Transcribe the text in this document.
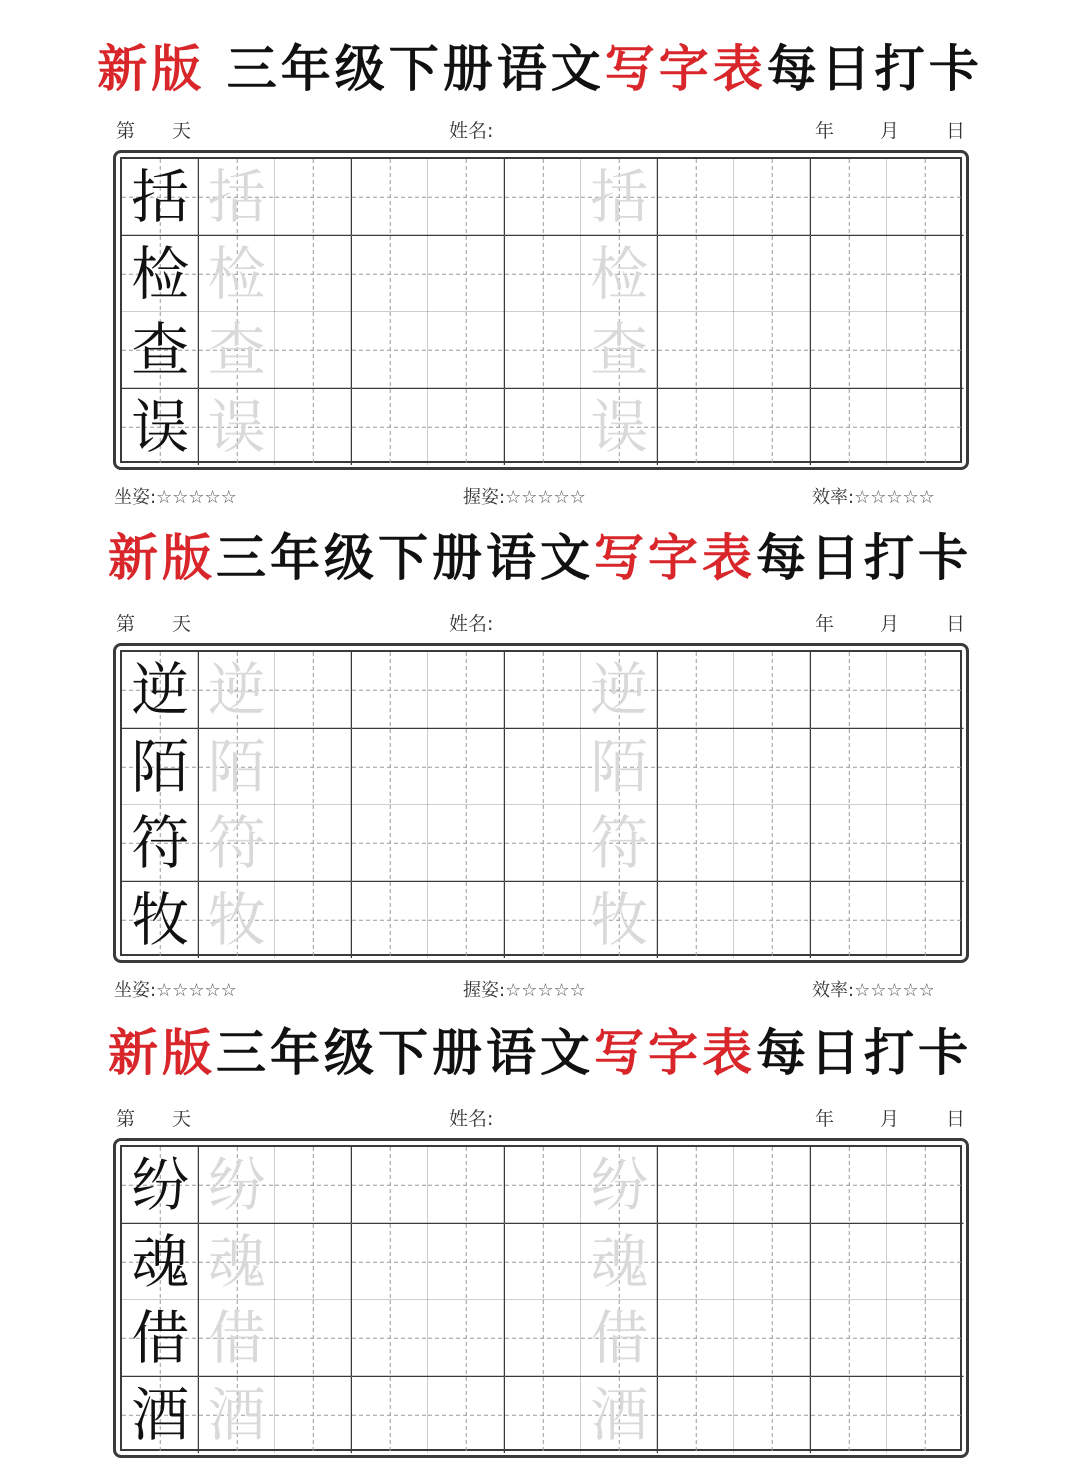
新版 三年级下册语文写字表每日打卡
第 天	姓名:	年 月 日
括 括	括
检 检	检
查 查	查
误 误	误
坐姿:☆☆☆☆☆	握姿:☆☆☆☆☆	效率:☆☆☆☆☆
新版三年级下册语文写字表每日打卡
第 天	姓名:	年 月 日
逆 逆	逆
陌 陌	陌
符 符	符
牧 牧	牧
坐姿:☆☆☆☆☆	握姿:☆☆☆☆☆	效率:☆☆☆☆☆
新版三年级下册语文写字表每日打卡
第 天	姓名:	年 月 日
纷 纷	纷
魂 魂	魂
借 借	借
酒 酒	酒
